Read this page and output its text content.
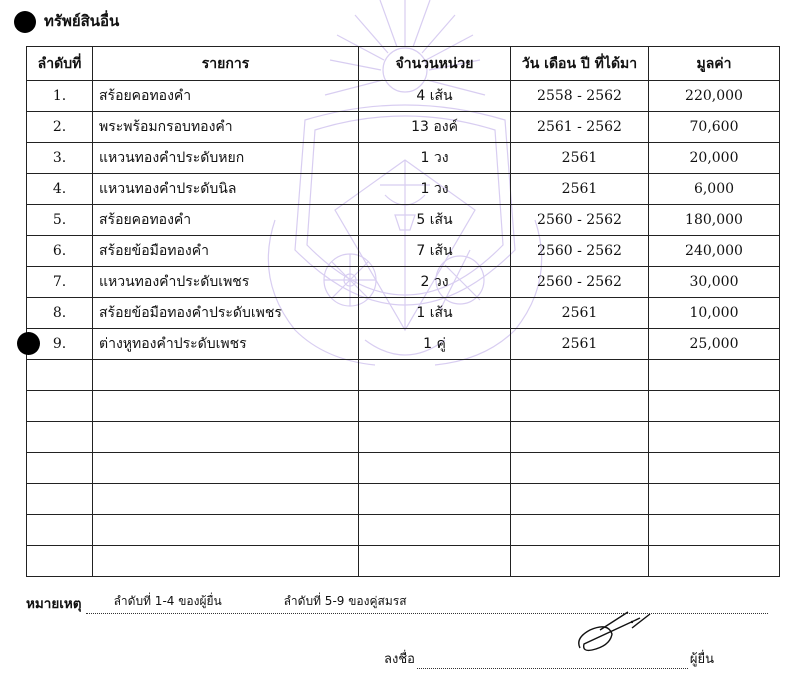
ทรัพย์สินอื่น
ลำดับที่	รายการ	จำนวนหน่วย	วัน เดือน ปี ที่ได้มา	มูลค่า
1.	สร้อยคอทองคำ	4 เส้น	2558 - 2562	220,000
2.	พระพร้อมกรอบทองคำ	13 องค์	2561 - 2562	70,600
3.	แหวนทองคำประดับหยก	1 วง	2561	20,000
4.	แหวนทองคำประดับนิล	1 วง	2561	6,000
5.	สร้อยคอทองคำ	5 เส้น	2560 - 2562	180,000
6.	สร้อยข้อมือทองคำ	7 เส้น	2560 - 2562	240,000
7.	แหวนทองคำประดับเพชร	2 วง	2560 - 2562	30,000
8.	สร้อยข้อมือทองคำประดับเพชร	1 เส้น	2561	10,000
9.	ต่างหูทองคำประดับเพชร	1 คู่	2561	25,000

หมายเหตุ	ลำดับที่ 1-4 ของผู้ยื่น	ลำดับที่ 5-9 ของคู่สมรส
ลงชื่อ	ผู้ยื่น
